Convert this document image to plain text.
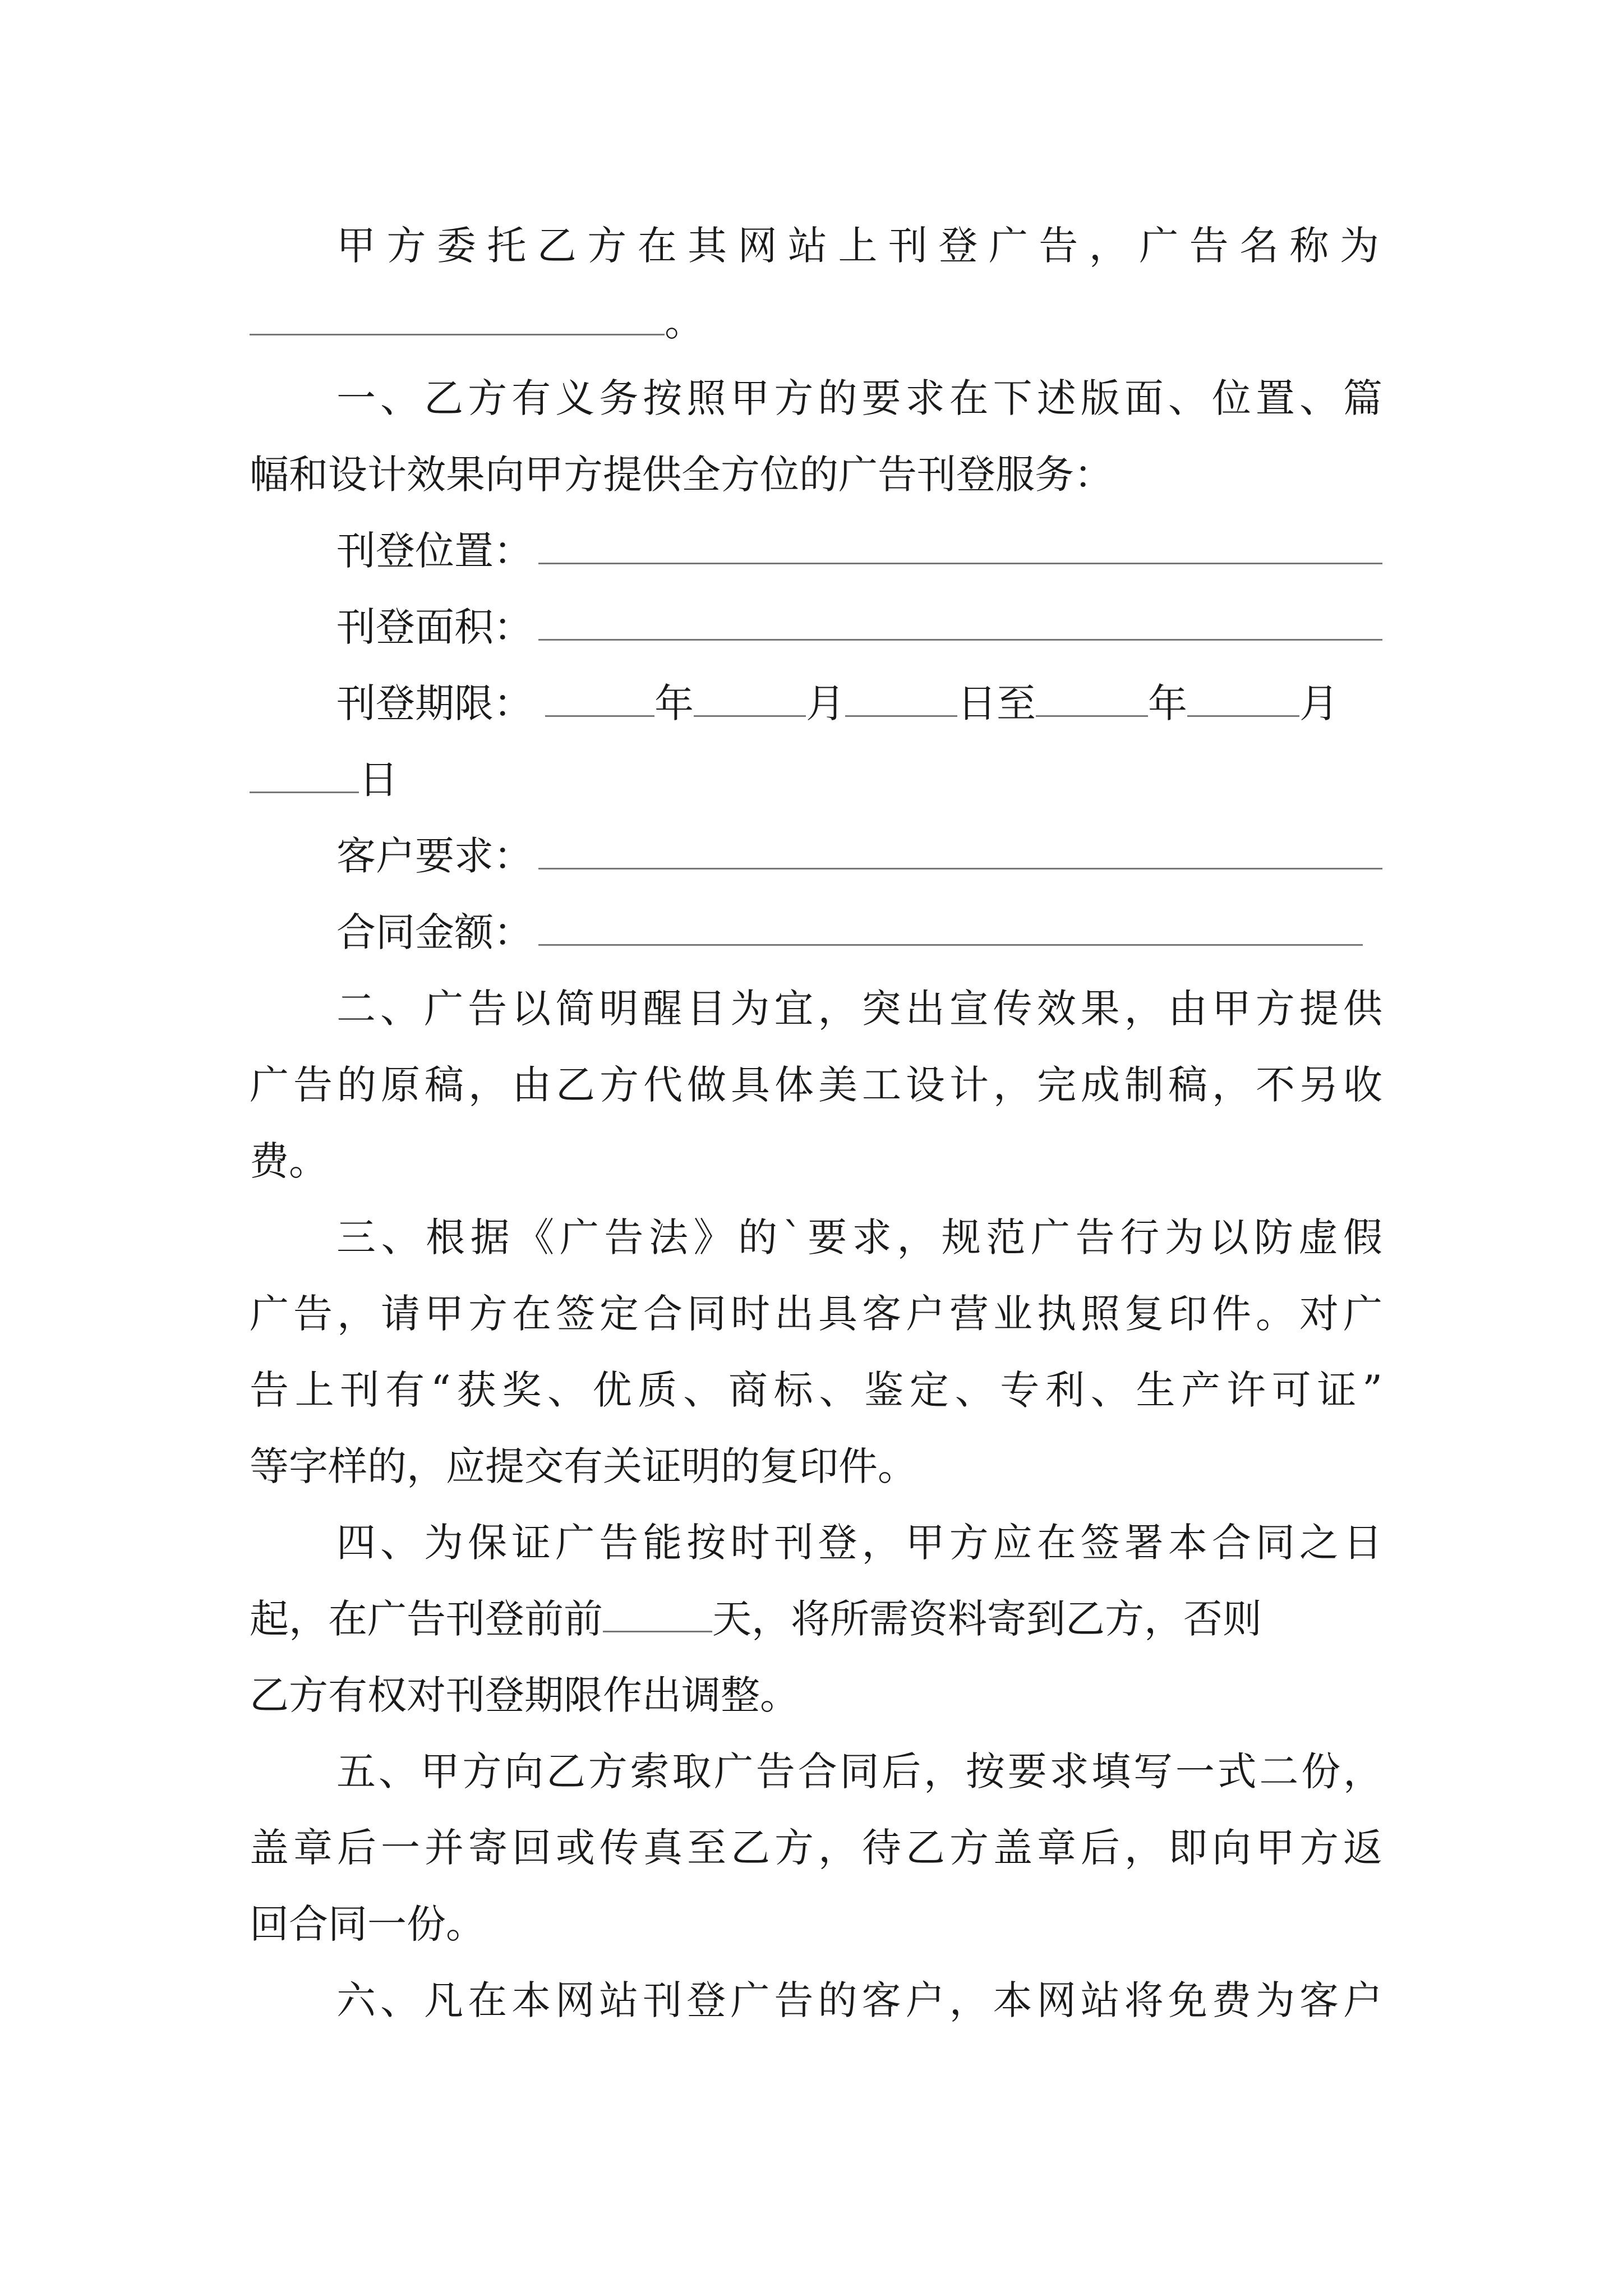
甲方委托乙方在其网站上刊登广告，广告名称为
。
一、乙方有义务按照甲方的要求在下述版面、位置、篇
幅和设计效果向甲方提供全方位的广告刊登服务：
刊登位置：
刊登面积：
刊登期限：	年	月	日至	年	月
日
客户要求：
合同金额：
二、广告以简明醒目为宜，突出宣传效果，由甲方提供
广告的原稿，由乙方代做具体美工设计，完成制稿，不另收
费。
三、根据《广告法》的`要求，规范广告行为以防虚假
广告，请甲方在签定合同时出具客户营业执照复印件。对广
告上刊有“获奖、优质、商标、鉴定、专利、生产许可证”
等字样的，应提交有关证明的复印件。
四、为保证广告能按时刊登，甲方应在签署本合同之日
起，在广告刊登前前	天，将所需资料寄到乙方，否则
乙方有权对刊登期限作出调整。
五、甲方向乙方索取广告合同后，按要求填写一式二份，
盖章后一并寄回或传真至乙方，待乙方盖章后，即向甲方返
回合同一份。
六、凡在本网站刊登广告的客户，本网站将免费为客户
